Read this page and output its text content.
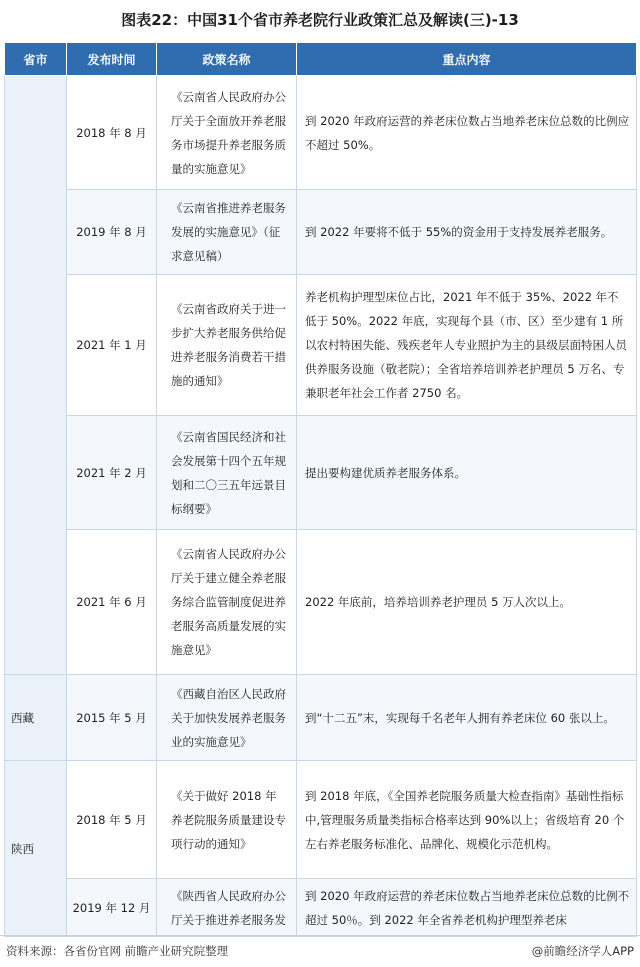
图表22：中国31个省市养老院行业政策汇总及解读(三)-13
省市	发布时间	政策名称	重点内容
	2018 年 8 月	《云南省人民政府办公厅关于全面放开养老服务市场提升养老服务质量的实施意见》	到 2020 年政府运营的养老床位数占当地养老床位总数的比例应不超过 50%。
	2019 年 8 月	《云南省推进养老服务发展的实施意见》（征求意见稿）	到 2022 年要将不低于 55%的资金用于支持发展养老服务。
	2021 年 1 月	《云南省政府关于进一步扩大养老服务供给促进养老服务消费若干措施的通知》	养老机构护理型床位占比，2021 年不低于 35%、2022 年不低于 50%。2022 年底，实现每个县（市、区）至少建有 1 所以农村特困失能、残疾老年人专业照护为主的县级层面特困人员供养服务设施（敬老院）；全省培养培训养老护理员 5 万名、专兼职老年社会工作者 2750 名。
	2021 年 2 月	《云南省国民经济和社会发展第十四个五年规划和二〇三五年远景目标纲要》	提出要构建优质养老服务体系。
	2021 年 6 月	《云南省人民政府办公厅关于建立健全养老服务综合监管制度促进养老服务高质量发展的实施意见》	2022 年底前，培养培训养老护理员 5 万人次以上。
西藏	2015 年 5 月	《西藏自治区人民政府关于加快发展养老服务业的实施意见》	到“十二五”末，实现每千名老年人拥有养老床位 60 张以上。
陕西	2018 年 5 月	《关于做好 2018 年养老院服务质量建设专项行动的通知》	到 2018 年底，《全国养老院服务质量大检查指南》基础性指标中,管理服务质量类指标合格率达到 90%以上；省级培育 20 个左右养老服务标准化、品牌化、规模化示范机构。
	2019 年 12 月	《陕西省人民政府办公厅关于推进养老服务发	到 2020 年政府运营的养老床位数占当地养老床位总数的比例不超过 50％。到 2022 年全省养老机构护理型养老床
资料来源：各省份官网 前瞻产业研究院整理	@前瞻经济学人APP
